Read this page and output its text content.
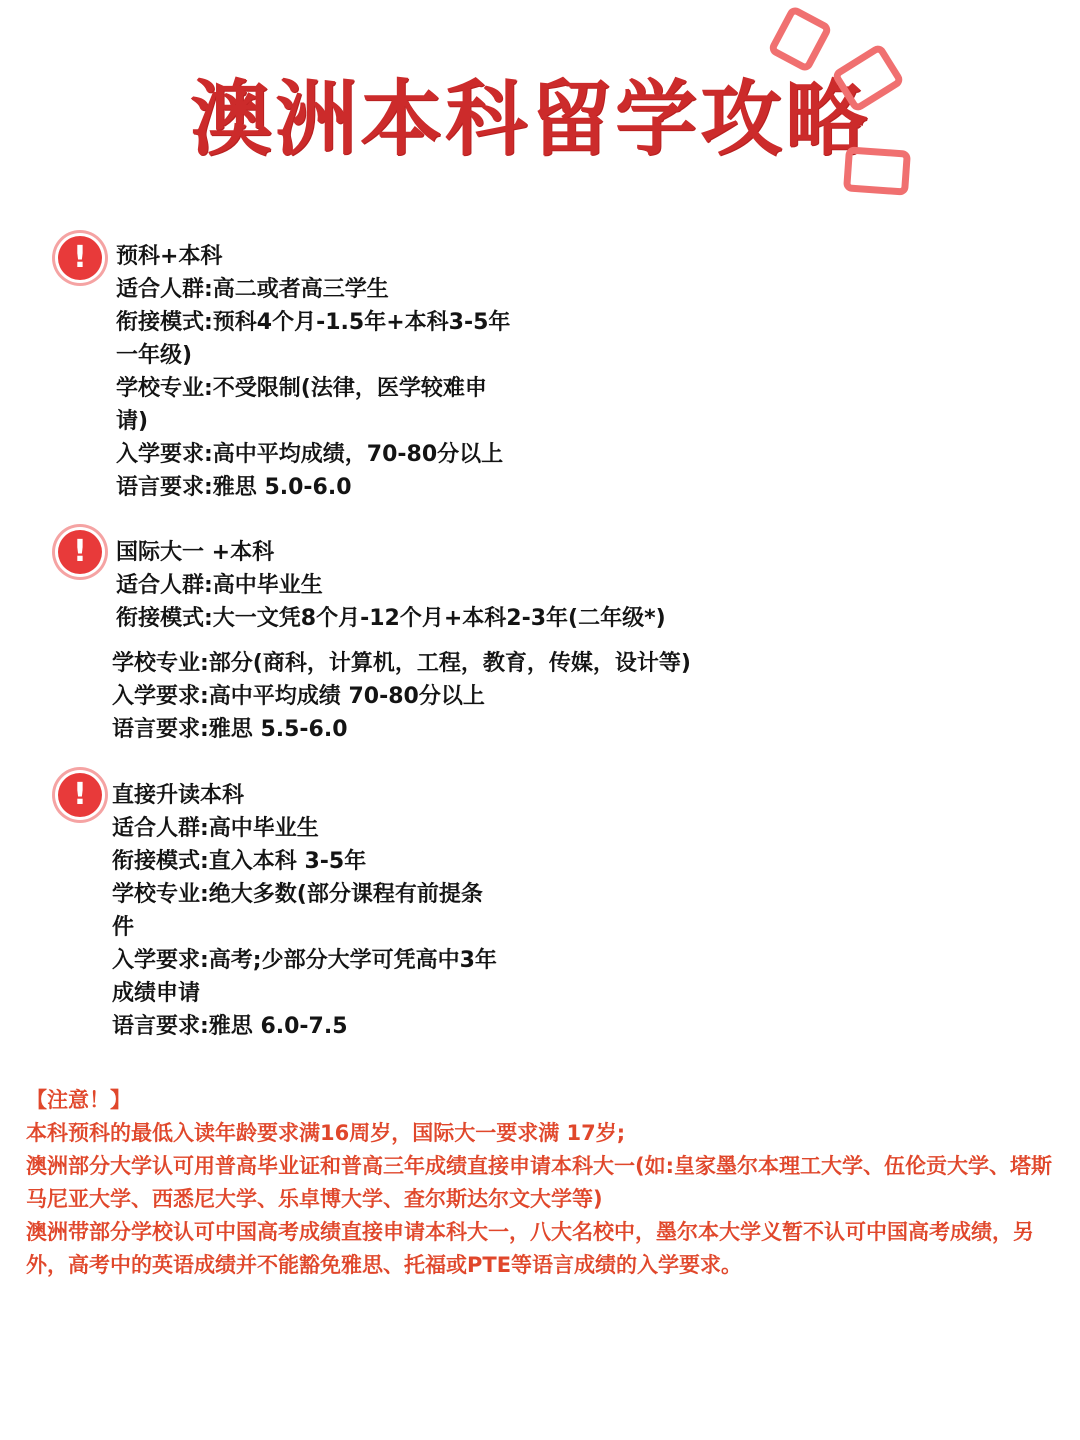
澳洲本科留学攻略
!	预科+本科
适合人群:高二或者高三学生
衔接模式:预科4个月-1.5年+本科3-5年
一年级)
学校专业:不受限制(法律，医学较难申
请)
入学要求:高中平均成绩，70-80分以上
语言要求:雅思 5.0-6.0
!	国际大一 +本科
适合人群:高中毕业生
衔接模式:大一文凭8个月-12个月+本科2-3年(二年级*)
学校专业:部分(商科，计算机，工程，教育，传媒，设计等)
入学要求:高中平均成绩 70-80分以上
语言要求:雅思 5.5-6.0
!	直接升读本科
适合人群:高中毕业生
衔接模式:直入本科 3-5年
学校专业:绝大多数(部分课程有前提条
件
入学要求:高考;少部分大学可凭高中3年
成绩申请
语言要求:雅思 6.0-7.5
【注意！】
本科预科的最低入读年龄要求满16周岁，国际大一要求满 17岁;
澳洲部分大学认可用普高毕业证和普高三年成绩直接申请本科大一(如:皇家墨尔本理工大学、伍伦贡大学、塔斯马尼亚大学、西悉尼大学、乐卓博大学、查尔斯达尔文大学等)
澳洲带部分学校认可中国高考成绩直接申请本科大一，八大名校中，墨尔本大学义暂不认可中国高考成绩，另外，高考中的英语成绩并不能豁免雅思、托福或PTE等语言成绩的入学要求。
